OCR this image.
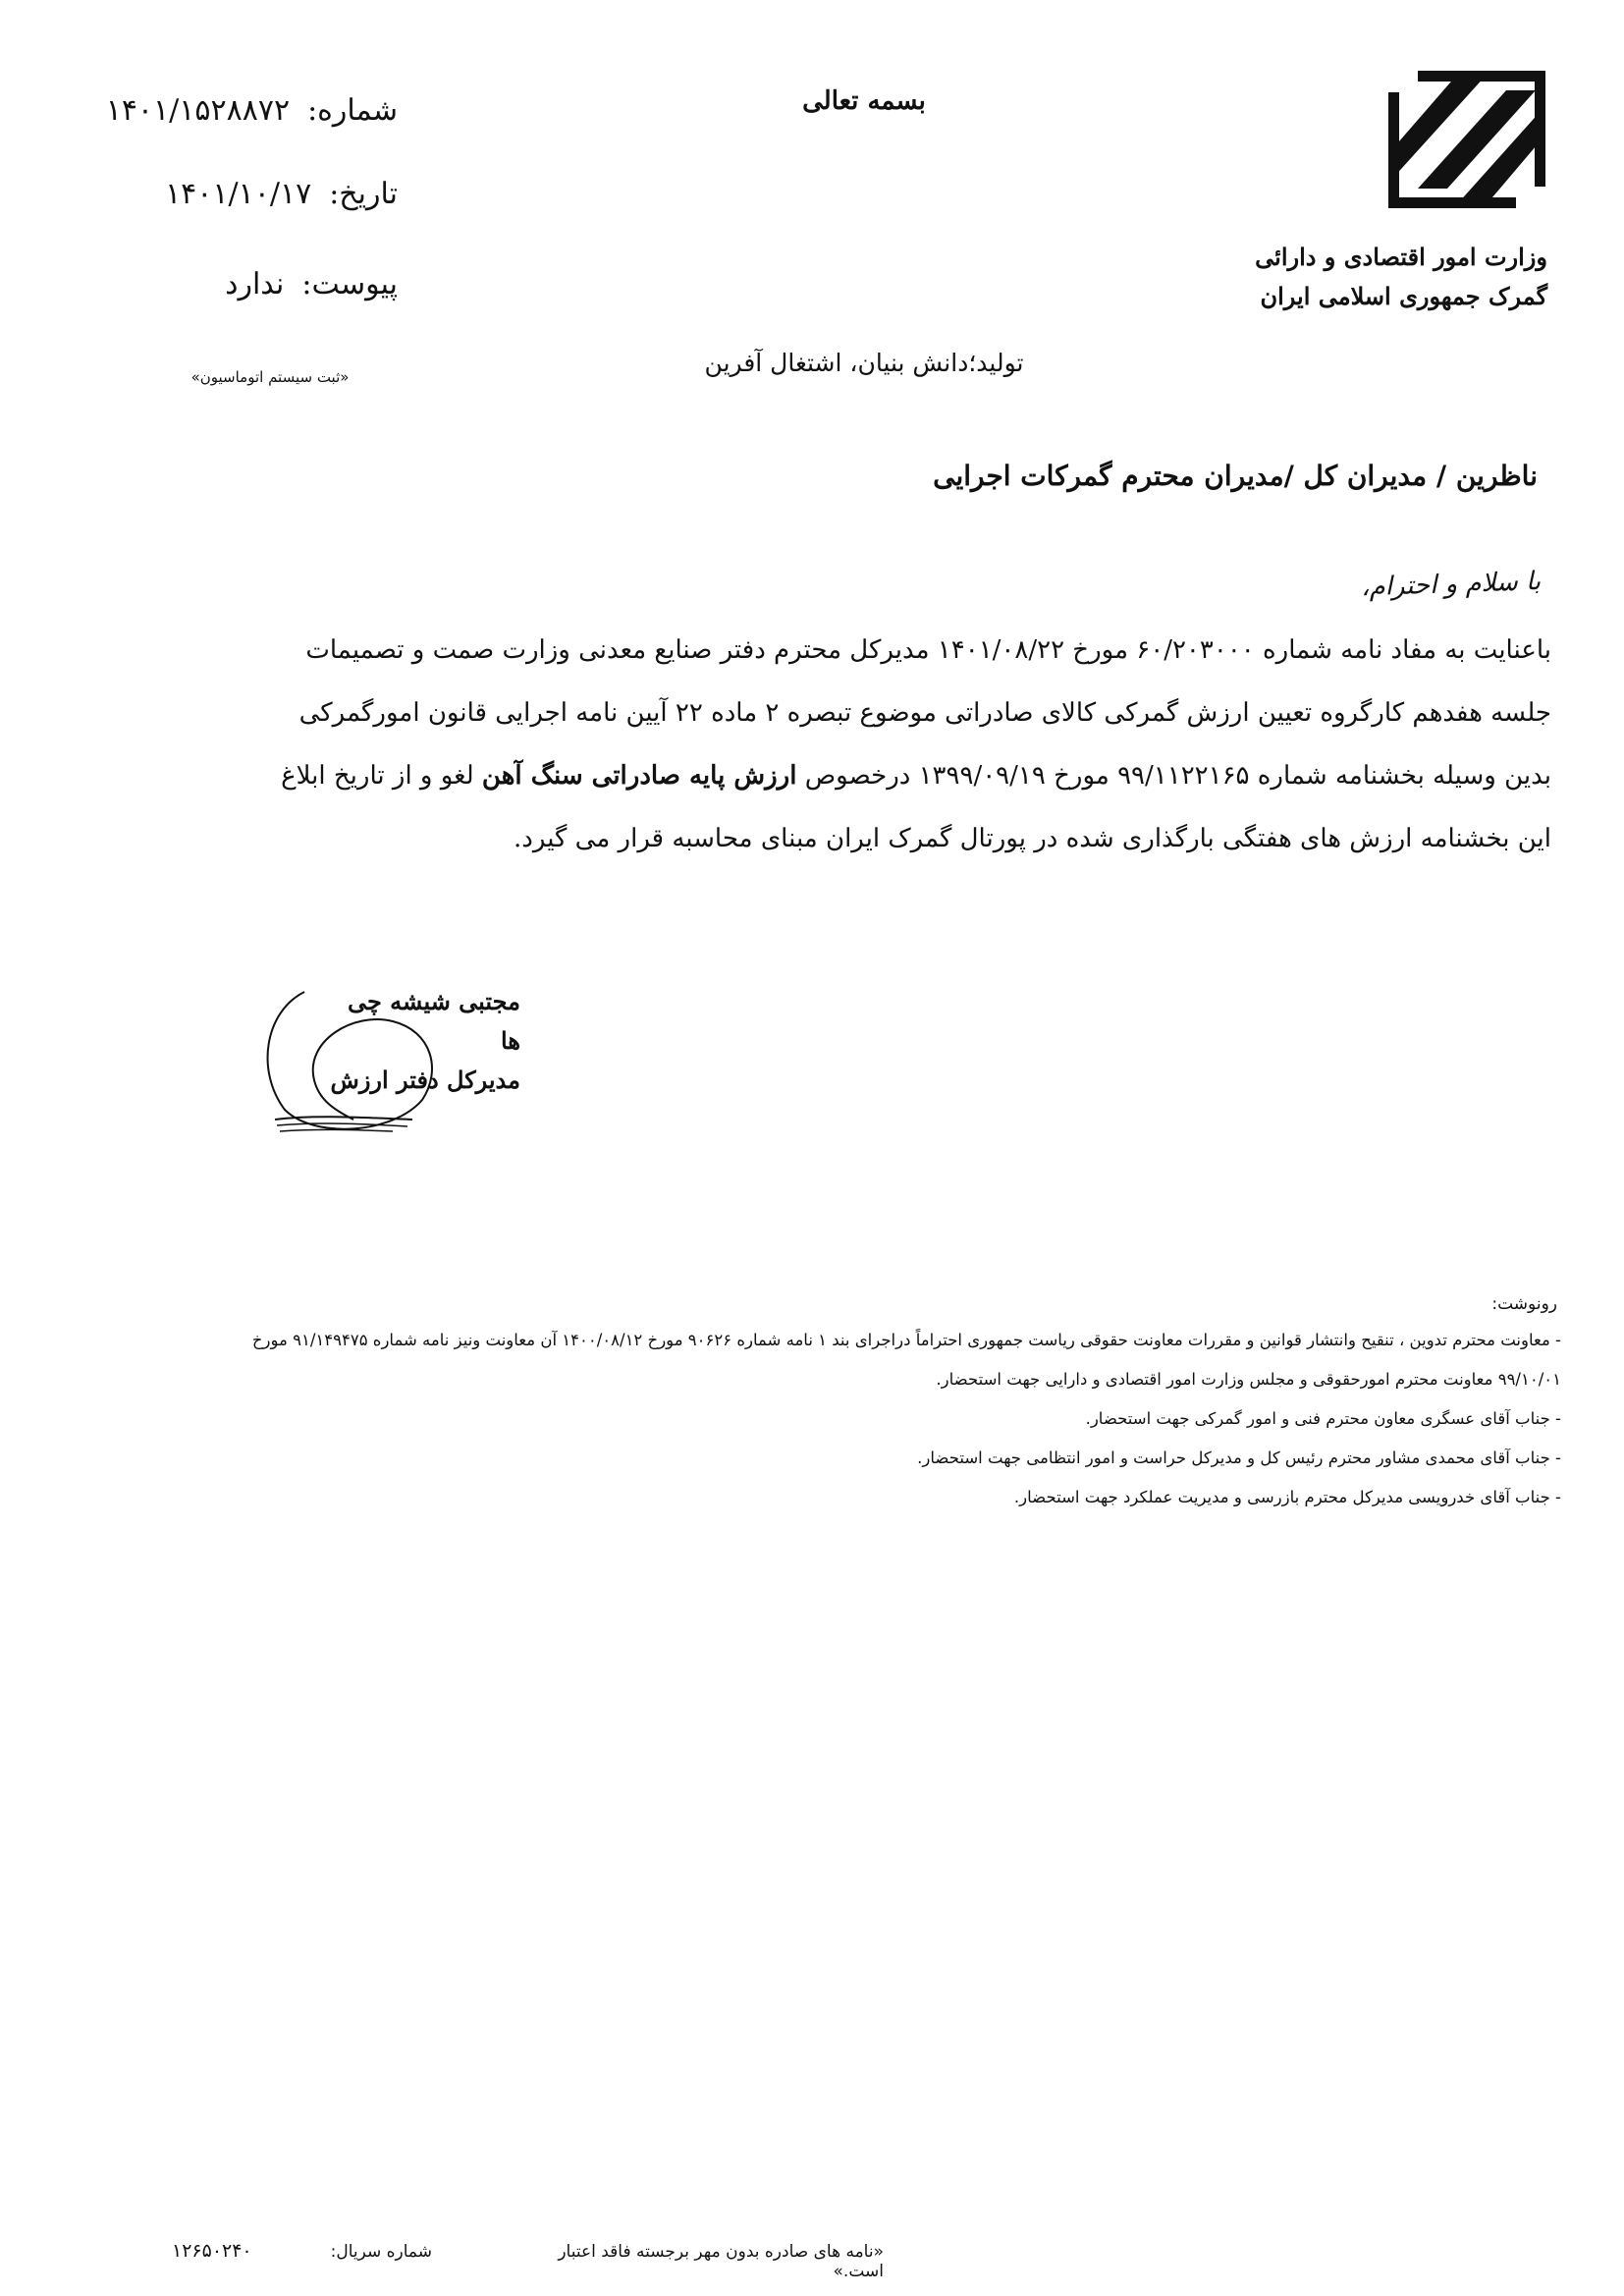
وزارت امور اقتصادی و دارائی
گمرک جمهوری اسلامی ایران
بسمه تعالی
تولید؛دانش بنیان، اشتغال آفرین
شماره:۱۴۰۱/۱۵۲۸۸۷۲
تاریخ:۱۴۰۱/۱۰/۱۷
پیوست:ندارد
«ثبت سیستم اتوماسیون»
ناظرین / مدیران کل /مدیران محترم گمرکات اجرایی
با سلام و احترام،
باعنایت به مفاد نامه شماره ۶۰/۲۰۳۰۰۰ مورخ ۱۴۰۱/۰۸/۲۲ مدیرکل محترم دفتر صنایع معدنی وزارت صمت و تصمیمات
جلسه هفدهم کارگروه تعیین ارزش گمرکی کالای صادراتی موضوع تبصره ۲ ماده ۲۲ آیین نامه اجرایی قانون امورگمرکی
بدین وسیله بخشنامه شماره ۹۹/۱۱۲۲۱۶۵ مورخ ۱۳۹۹/۰۹/۱۹ درخصوص ارزش پایه صادراتی سنگ آهن لغو و از تاریخ ابلاغ
این بخشنامه ارزش های هفتگی بارگذاری شده در پورتال گمرک ایران مبنای محاسبه قرار می گیرد.
مجتبی شیشه چی ها
مدیرکل دفتر ارزش
رونوشت:
- معاونت محترم تدوین ، تنقیح وانتشار قوانین و مقررات معاونت حقوقی ریاست جمهوری احتراماً دراجرای بند ۱ نامه شماره ۹۰۶۲۶ مورخ ۱۴۰۰/۰۸/۱۲ آن معاونت ونیز نامه شماره ۹۱/۱۴۹۴۷۵ مورخ
۹۹/۱۰/۰۱ معاونت محترم امورحقوقی و مجلس وزارت امور اقتصادی و دارایی جهت استحضار.
- جناب آقای عسگری معاون محترم فنی و امور گمرکی جهت استحضار.
- جناب آقای محمدی مشاور محترم رئیس کل و مدیرکل حراست و امور انتظامی جهت استحضار.
- جناب آقای خدرویسی مدیرکل محترم بازرسی و مدیریت عملکرد جهت استحضار.
«نامه های صادره بدون مهر برجسته فاقد اعتبار است.»
شماره سریال:
۱۲۶۵۰۲۴۰
